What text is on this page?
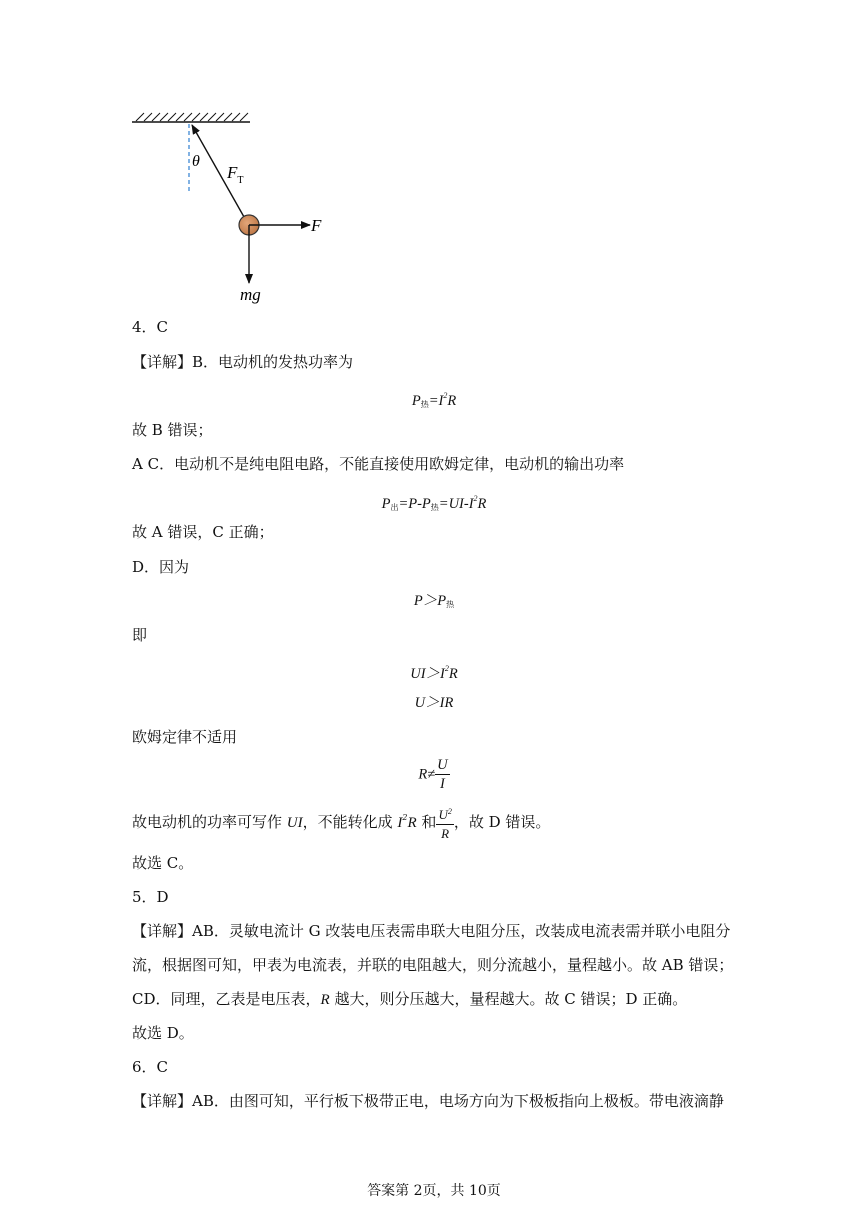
θ
$F_T$
F
mg
4．C
【详解】B．电动机的发热功率为
$P_热=I^2R$
故 B 错误；
A C．电动机不是纯电阻电路，不能直接使用欧姆定律，电动机的输出功率
$P_出=P-P_热=UI-I^2R$
故 A 错误，C 正确；
D．因为
$P>P_热$
即
$UI>I^2R$
U＞IR
欧姆定律不适用
$R\ne \frac{U}{I}$
故电动机的功率可写作 UI，不能转化成 $I^2R$ 和 $\frac{U^2}{R}$ ，故 D 错误。
故选 C。
5．D
【详解】AB．灵敏电流计 G 改装电压表需串联大电阻分压，改装成电流表需并联小电阻分
流，根据图可知，甲表为电流表，并联的电阻越大，则分流越小，量程越小。故 AB 错误；
CD．同理，乙表是电压表，R 越大，则分压越大，量程越大。故 C 错误；D 正确。
故选 D。
6．C
【详解】AB．由图可知，平行板下极带正电，电场方向为下极板指向上极板。带电液滴静
答案第 2页，共 10页
